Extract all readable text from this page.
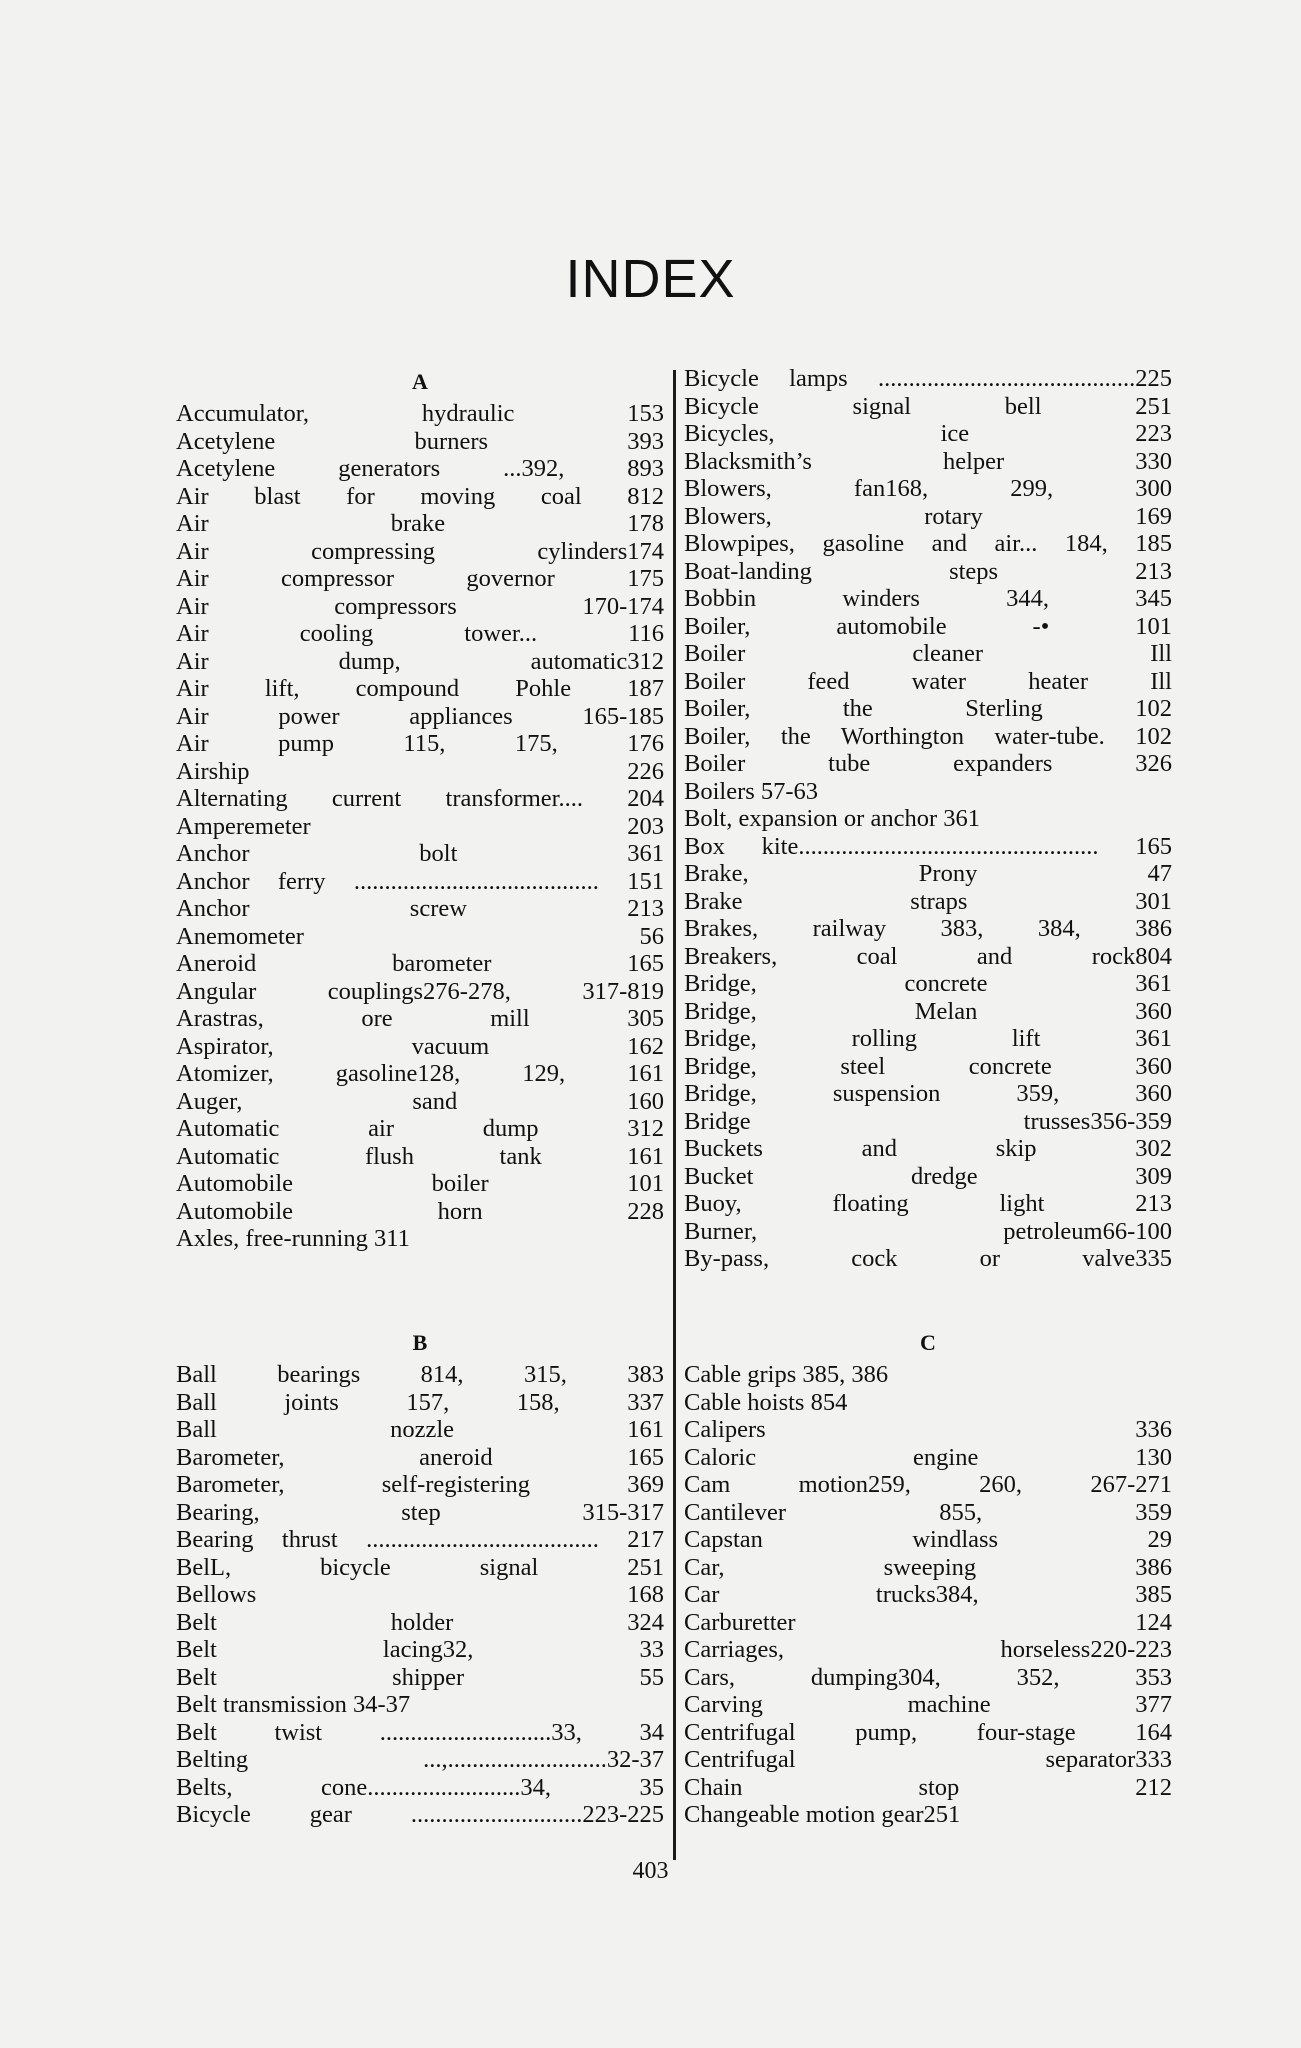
INDEX
A
Accumulator, hydraulic 153
Acetylene burners 393
Acetylene generators ...392, 893
Air blast for moving coal 812
Air brake 178
Air compressing cylinders174
Air compressor governor 175
Air compressors 170-174
Air cooling tower... 116
Air dump, automatic312
Air lift, compound Pohle 187
Air power appliances 165-185
Air pump 115, 175, 176
Airship 226
Alternating current transformer.... 204
Amperemeter 203
Anchor bolt 361
Anchor ferry ........................................ 151
Anchor screw 213
Anemometer 56
Aneroid barometer 165
Angular couplings276-278, 317-819
Arastras, ore mill 305
Aspirator, vacuum 162
Atomizer, gasoline128, 129, 161
Auger, sand 160
Automatic air dump 312
Automatic flush tank 161
Automobile boiler 101
Automobile horn 228
Axles, free-running 311
B
Ball bearings 814, 315, 383
Ball joints 157, 158, 337
Ball nozzle 161
Barometer, aneroid 165
Barometer, self-registering 369
Bearing, step 315-317
Bearing thrust ...................................... 217
BelL, bicycle signal 251
Bellows 168
Belt holder 324
Belt lacing32, 33
Belt shipper 55
Belt transmission 34-37
Belt twist ............................33, 34
Belting ...,..........................32-37
Belts, cone.........................34, 35
Bicycle gear ............................223-225
Bicycle lamps ..........................................225
Bicycle signal bell 251
Bicycles, ice 223
Blacksmith’s helper 330
Blowers, fan168, 299, 300
Blowers, rotary 169
Blowpipes, gasoline and air... 184, 185
Boat-landing steps 213
Bobbin winders 344, 345
Boiler, automobile -• 101
Boiler cleaner Ill
Boiler feed water heater Ill
Boiler, the Sterling 102
Boiler, the Worthington water-tube. 102
Boiler tube expanders 326
Boilers 57-63
Bolt, expansion or anchor 361
Box kite................................................. 165
Brake, Prony 47
Brake straps 301
Brakes, railway 383, 384, 386
Breakers, coal and rock804
Bridge, concrete 361
Bridge, Melan 360
Bridge, rolling lift 361
Bridge, steel concrete 360
Bridge, suspension 359, 360
Bridge trusses356-359
Buckets and skip 302
Bucket dredge 309
Buoy, floating light 213
Burner, petroleum66-100
By-pass, cock or valve335
C
Cable grips 385, 386
Cable hoists 854
Calipers 336
Caloric engine 130
Cam motion259, 260, 267-271
Cantilever 855, 359
Capstan windlass 29
Car, sweeping 386
Car trucks384, 385
Carburetter 124
Carriages, horseless220-223
Cars, dumping304, 352, 353
Carving machine 377
Centrifugal pump, four-stage 164
Centrifugal separator333
Chain stop 212
Changeable motion gear251
403
